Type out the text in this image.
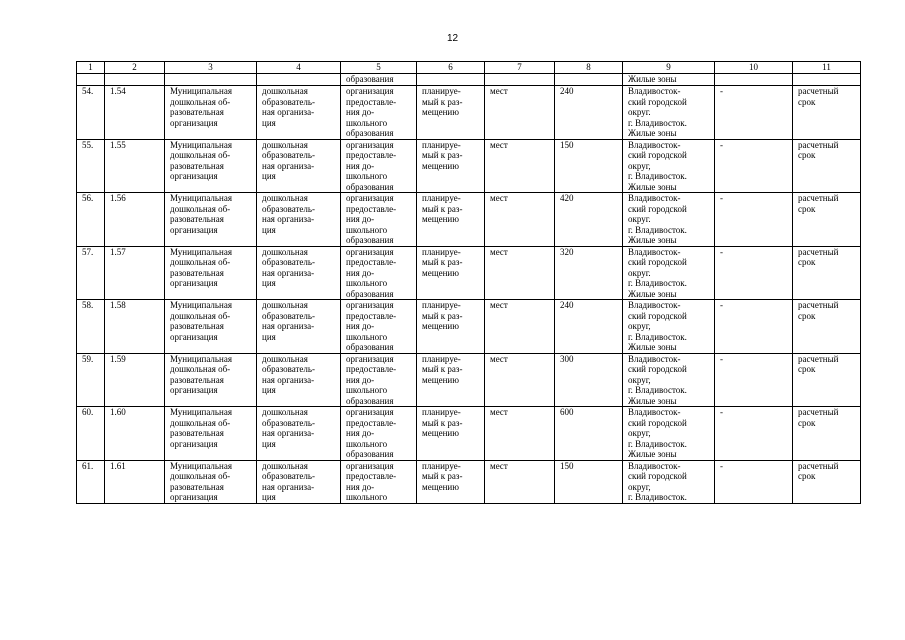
12
1	2	3	4	5	6	7	8	9	10	11
				образования				Жилые зоны		
54.	1.54	Муниципальная
дошкольная об-
разовательная
организация	дошкольная
образователь-
ная организа-
ция	организация
предоставле-
ния до-
школьного
образования	планируе-
мый к раз-
мещению	мест	240	Владивосток-
ский городской
округ.
г. Владивосток.
Жилые зоны	-	расчетный
срок
55.	1.55	Муниципальная
дошкольная об-
разовательная
организация	дошкольная
образователь-
ная организа-
ция	организация
предоставле-
ния до-
школьного
образования	планируе-
мый к раз-
мещению	мест	150	Владивосток-
ский городской
округ,
г. Владивосток.
Жилые зоны	-	расчетный
срок
56.	1.56	Муниципальная
дошкольная об-
разовательная
организация	дошкольная
образователь-
ная организа-
ция	организация
предоставле-
ния до-
школьного
образования	планируе-
мый к раз-
мещению	мест	420	Владивосток-
ский городской
округ.
г. Владивосток.
Жилые зоны	-	расчетный
срок
57.	1.57	Муниципальная
дошкольная об-
разовательная
организация	дошкольная
образователь-
ная организа-
ция	организация
предоставле-
ния до-
школьного
образования	планируе-
мый к раз-
мещению	мест	320	Владивосток-
ский городской
округ.
г. Владивосток.
Жилые зоны	-	расчетный
срок
58.	1.58	Муниципальная
дошкольная об-
разовательная
организация	дошкольная
образователь-
ная организа-
ция	организация
предоставле-
ния до-
школьного
образования	планируе-
мый к раз-
мещению	мест	240	Владивосток-
ский городской
округ,
г. Владивосток.
Жилые зоны	-	расчетный
срок
59.	1.59	Муниципальная
дошкольная об-
разовательная
организация	дошкольная
образователь-
ная организа-
ция	организация
предоставле-
ния до-
школьного
образования	планируе-
мый к раз-
мещению	мест	300	Владивосток-
ский городской
округ,
г. Владивосток.
Жилые зоны	-	расчетный
срок
60.	1.60	Муниципальная
дошкольная об-
разовательная
организация	дошкольная
образователь-
ная организа-
ция	организация
предоставле-
ния до-
школьного
образования	планируе-
мый к раз-
мещению	мест	600	Владивосток-
ский городской
округ,
г. Владивосток.
Жилые зоны	-	расчетный
срок
61.	1.61	Муниципальная
дошкольная об-
разовательная
организация	дошкольная
образователь-
ная организа-
ция	организация
предоставле-
ния до-
школьного	планируе-
мый к раз-
мещению	мест	150	Владивосток-
ский городской
округ,
г. Владивосток.	-	расчетный
срок
